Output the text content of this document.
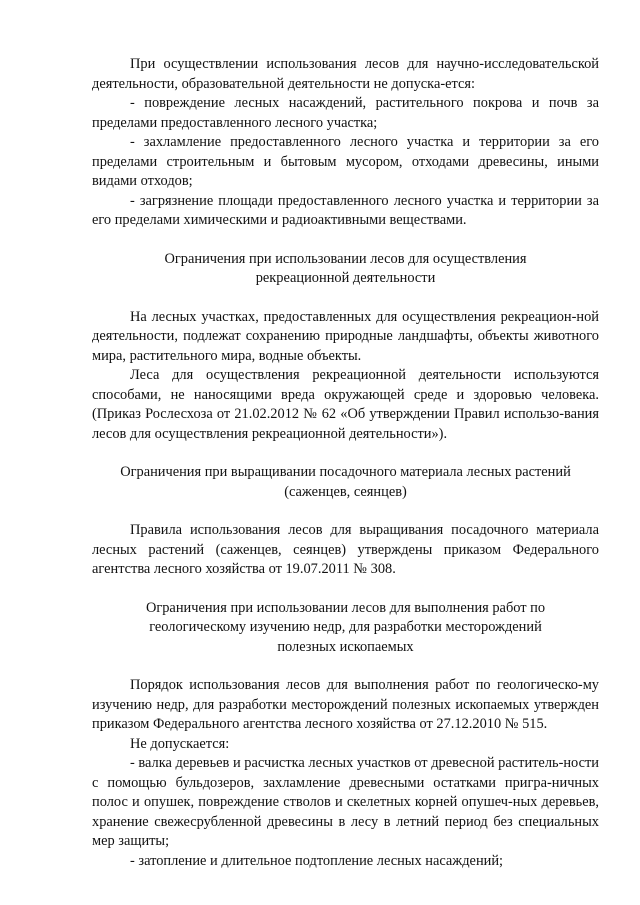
При осуществлении использования лесов для научно-исследовательской деятельности, образовательной деятельности не допуска-ется:

- повреждение лесных насаждений, растительного покрова и почв за пределами предоставленного лесного участка;

- захламление предоставленного лесного участка и территории за его пределами строительным и бытовым мусором, отходами древесины, иными видами отходов;

- загрязнение площади предоставленного лесного участка и территории за его пределами химическими и радиоактивными веществами.

Ограничения при использовании лесов для осуществления рекреационной деятельности

На лесных участках, предоставленных для осуществления рекреацион-ной деятельности, подлежат сохранению природные ландшафты, объекты животного мира, растительного мира, водные объекты.

Леса для осуществления рекреационной деятельности используются способами, не наносящими вреда окружающей среде и здоровью человека. (Приказ Рослесхоза от 21.02.2012 № 62 «Об утверждении Правил использо-вания лесов для осуществления рекреационной деятельности»).

Ограничения при выращивании посадочного материала лесных растений (саженцев, сеянцев)

Правила использования лесов для выращивания посадочного материала лесных растений (саженцев, сеянцев) утверждены приказом Федерального агентства лесного хозяйства от 19.07.2011 № 308.

Ограничения при использовании лесов для выполнения работ по геологическому изучению недр, для разработки месторождений полезных ископаемых

Порядок использования лесов для выполнения работ по геологическо-му изучению недр, для разработки месторождений полезных ископаемых утвержден приказом Федерального агентства лесного хозяйства от 27.12.2010 № 515.

Не допускается:

- валка деревьев и расчистка лесных участков от древесной раститель-ности с помощью бульдозеров, захламление древесными остатками пригра-ничных полос и опушек, повреждение стволов и скелетных корней опушеч-ных деревьев, хранение свежесрубленной древесины в лесу в летний период без специальных мер защиты;

- затопление и длительное подтопление лесных насаждений;
